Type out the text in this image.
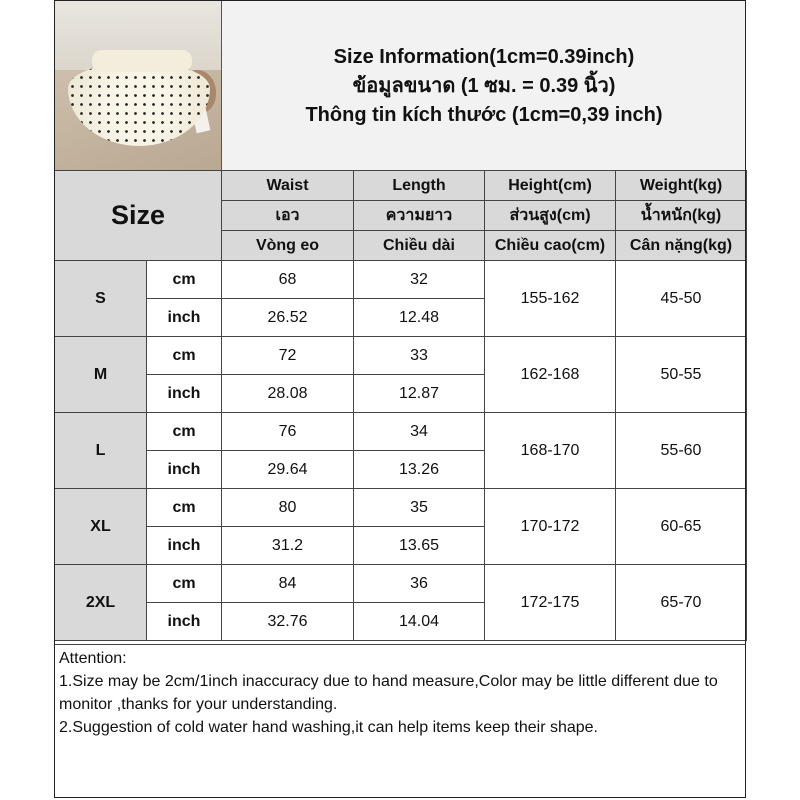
Size Information(1cm=0.39inch)
ข้อมูลขนาด (1 ซม. = 0.39 นิ้ว)
Thông tin kích thước (1cm=0,39 inch)
Size		Waist	Length	Height(cm)	Weight(kg)
		เอว	ความยาว	ส่วนสูง(cm)	น้ำหนัก(kg)
		Vòng eo	Chiều dài	Chiều cao(cm)	Cân nặng(kg)
S	cm	68	32	155-162	45-50
	inch	26.52	12.48		
M	cm	72	33	162-168	50-55
	inch	28.08	12.87		
L	cm	76	34	168-170	55-60
	inch	29.64	13.26		
XL	cm	80	35	170-172	60-65
	inch	31.2	13.65		
2XL	cm	84	36	172-175	65-70
	inch	32.76	14.04		

Attention:

1.Size may be 2cm/1inch inaccuracy due to hand measure,Color may be little different due to monitor ,thanks for your understanding.

2.Suggestion of cold water hand washing,it can help items keep their shape.
